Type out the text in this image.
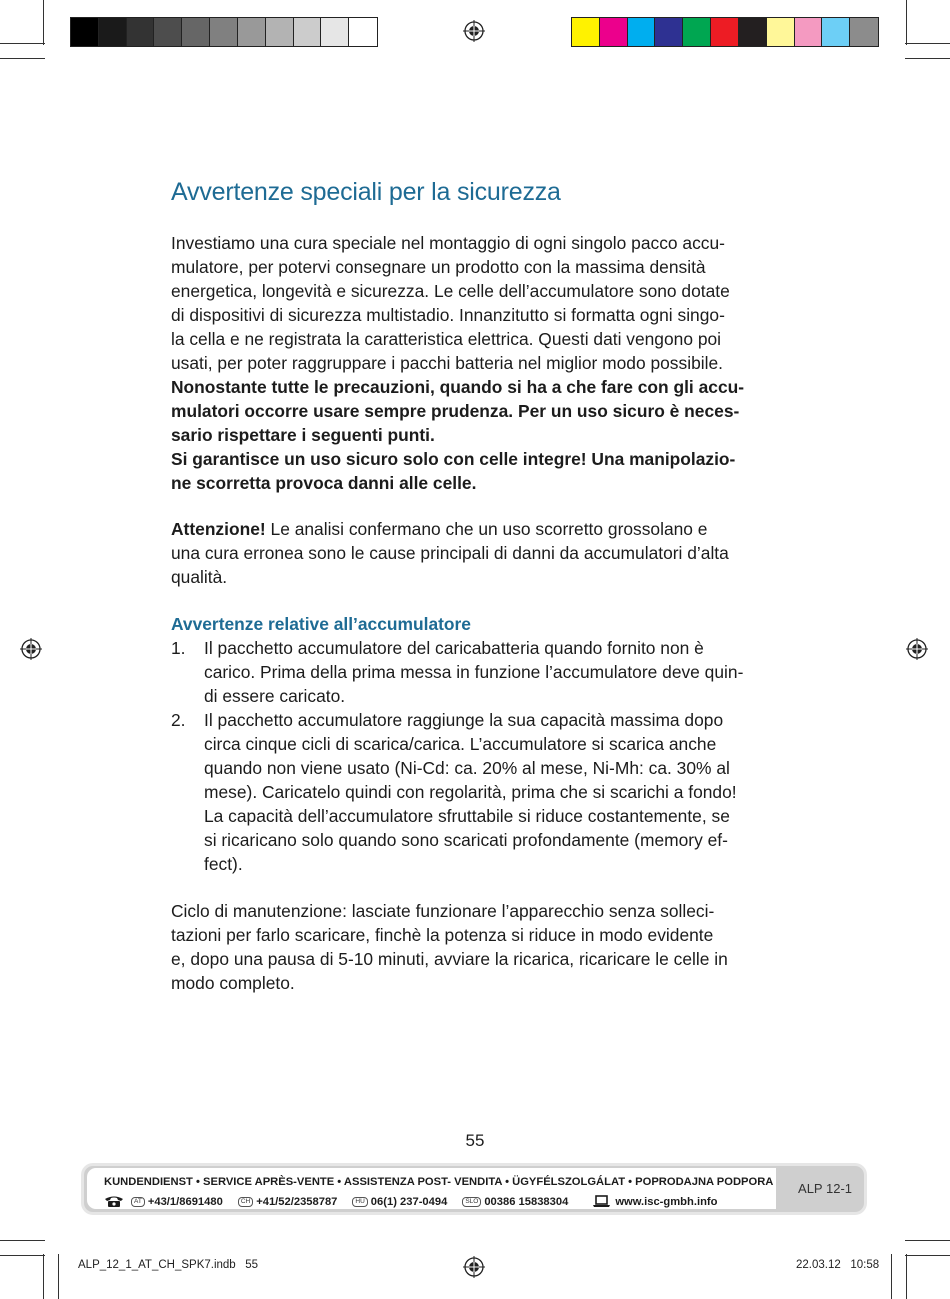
Avvertenze speciali per la sicurezza

Investiamo una cura speciale nel montaggio di ogni singolo pacco accu-
mulatore, per potervi consegnare un prodotto con la massima densità
energetica, longevità e sicurezza. Le celle dell’accumulatore sono dotate
di dispositivi di sicurezza multistadio. Innanzitutto si formatta ogni singo-
la cella e ne registrata la caratteristica elettrica. Questi dati vengono poi
usati, per poter raggruppare i pacchi batteria nel miglior modo possibile.
Nonostante tutte le precauzioni, quando si ha a che fare con gli accu-
mulatori occorre usare sempre prudenza. Per un uso sicuro è neces-
sario rispettare i seguenti punti.
Si garantisce un uso sicuro solo con celle integre! Una manipolazio-
ne scorretta provoca danni alle celle.

Attenzione! Le analisi confermano che un uso scorretto grossolano e
una cura erronea sono le cause principali di danni da accumulatori d’alta
qualità.

Avvertenze relative all’accumulatore
1. Il pacchetto accumulatore del caricabatteria quando fornito non è
carico. Prima della prima messa in funzione l’accumulatore deve quin-
di essere caricato.
2. Il pacchetto accumulatore raggiunge la sua capacità massima dopo
circa cinque cicli di scarica/carica. L’accumulatore si scarica anche
quando non viene usato (Ni-Cd: ca. 20% al mese, Ni-Mh: ca. 30% al
mese). Caricatelo quindi con regolarità, prima che si scarichi a fondo!
La capacità dell’accumulatore sfruttabile si riduce costantemente, se
si ricaricano solo quando sono scaricati profondamente (memory ef-
fect).

Ciclo di manutenzione: lasciate funzionare l’apparecchio senza solleci-
tazioni per farlo scaricare, finchè la potenza si riduce in modo evidente
e, dopo una pausa di 5-10 minuti, avviare la ricarica, ricaricare le celle in
modo completo.

55
KUNDENDIENST • SERVICE APRÈS-VENTE • ASSISTENZA POST- VENDITA • ÜGYFÉLSZOLGÁLAT • POPRODAJNA PODPORA
AT +43/1/8691480	CH +41/52/2358787	HU 06(1) 237-0494	SLO 00386 15838304	www.isc-gmbh.info
ALP 12-1
ALP_12_1_AT_CH_SPK7.indb   55	22.03.12   10:58
